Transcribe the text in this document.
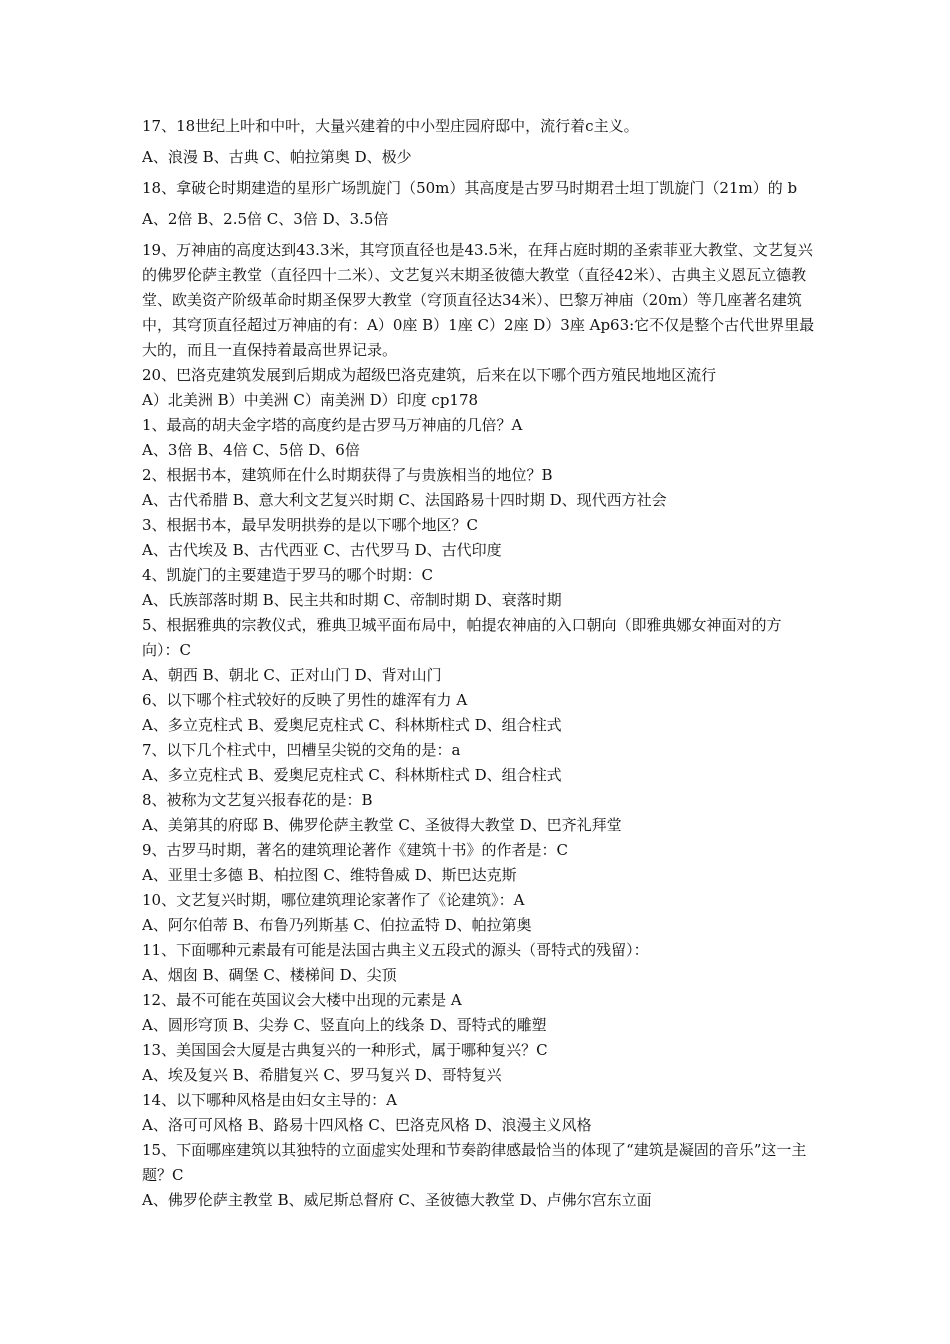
17、18世纪上叶和中叶，大量兴建着的中小型庄园府邸中，流行着c主义。

A、浪漫 B、古典 C、帕拉第奥 D、极少

18、拿破仑时期建造的星形广场凯旋门（50m）其高度是古罗马时期君士坦丁凯旋门（21m）的 b

A、2倍 B、2.5倍 C、3倍 D、3.5倍

19、万神庙的高度达到43.3米，其穹顶直径也是43.5米，在拜占庭时期的圣索菲亚大教堂、文艺复兴的佛罗伦萨主教堂（直径四十二米）、文艺复兴末期圣彼德大教堂（直径42米）、古典主义恩瓦立德教堂、欧美资产阶级革命时期圣保罗大教堂（穹顶直径达34米）、巴黎万神庙（20m）等几座著名建筑中，其穹顶直径超过万神庙的有：A）0座 B）1座 C）2座 D）3座 Ap63:它不仅是整个古代世界里最大的，而且一直保持着最高世界记录。

20、巴洛克建筑发展到后期成为超级巴洛克建筑，后来在以下哪个西方殖民地地区流行

A）北美洲 B）中美洲 C）南美洲 D）印度 cp178

1、最高的胡夫金字塔的高度约是古罗马万神庙的几倍？A

A、3倍 B、4倍 C、5倍 D、6倍

2、根据书本，建筑师在什么时期获得了与贵族相当的地位？B

A、古代希腊 B、意大利文艺复兴时期 C、法国路易十四时期 D、现代西方社会

3、根据书本，最早发明拱券的是以下哪个地区？C

A、古代埃及 B、古代西亚 C、古代罗马 D、古代印度

4、凯旋门的主要建造于罗马的哪个时期：C

A、氏族部落时期 B、民主共和时期 C、帝制时期 D、衰落时期

5、根据雅典的宗教仪式，雅典卫城平面布局中，帕提农神庙的入口朝向（即雅典娜女神面对的方向）：C

A、朝西 B、朝北 C、正对山门 D、背对山门

6、以下哪个柱式较好的反映了男性的雄浑有力 A

A、多立克柱式 B、爱奥尼克柱式 C、科林斯柱式 D、组合柱式

7、以下几个柱式中，凹槽呈尖锐的交角的是：a

A、多立克柱式 B、爱奥尼克柱式 C、科林斯柱式 D、组合柱式

8、被称为文艺复兴报春花的是：B

A、美第其的府邸 B、佛罗伦萨主教堂 C、圣彼得大教堂 D、巴齐礼拜堂

9、古罗马时期，著名的建筑理论著作《建筑十书》的作者是：C

A、亚里士多德 B、柏拉图 C、维特鲁威 D、斯巴达克斯

10、文艺复兴时期，哪位建筑理论家著作了《论建筑》：A

A、阿尔伯蒂 B、布鲁乃列斯基 C、伯拉孟特 D、帕拉第奥

11、下面哪种元素最有可能是法国古典主义五段式的源头（哥特式的残留）：

A、烟囱 B、碉堡 C、楼梯间 D、尖顶

12、最不可能在英国议会大楼中出现的元素是 A

A、圆形穹顶 B、尖券 C、竖直向上的线条 D、哥特式的雕塑

13、美国国会大厦是古典复兴的一种形式，属于哪种复兴？C

A、埃及复兴 B、希腊复兴 C、罗马复兴 D、哥特复兴

14、以下哪种风格是由妇女主导的：A

A、洛可可风格 B、路易十四风格 C、巴洛克风格 D、浪漫主义风格

15、下面哪座建筑以其独特的立面虚实处理和节奏韵律感最恰当的体现了“建筑是凝固的音乐”这一主题？C

A、佛罗伦萨主教堂 B、威尼斯总督府 C、圣彼德大教堂 D、卢佛尔宫东立面
